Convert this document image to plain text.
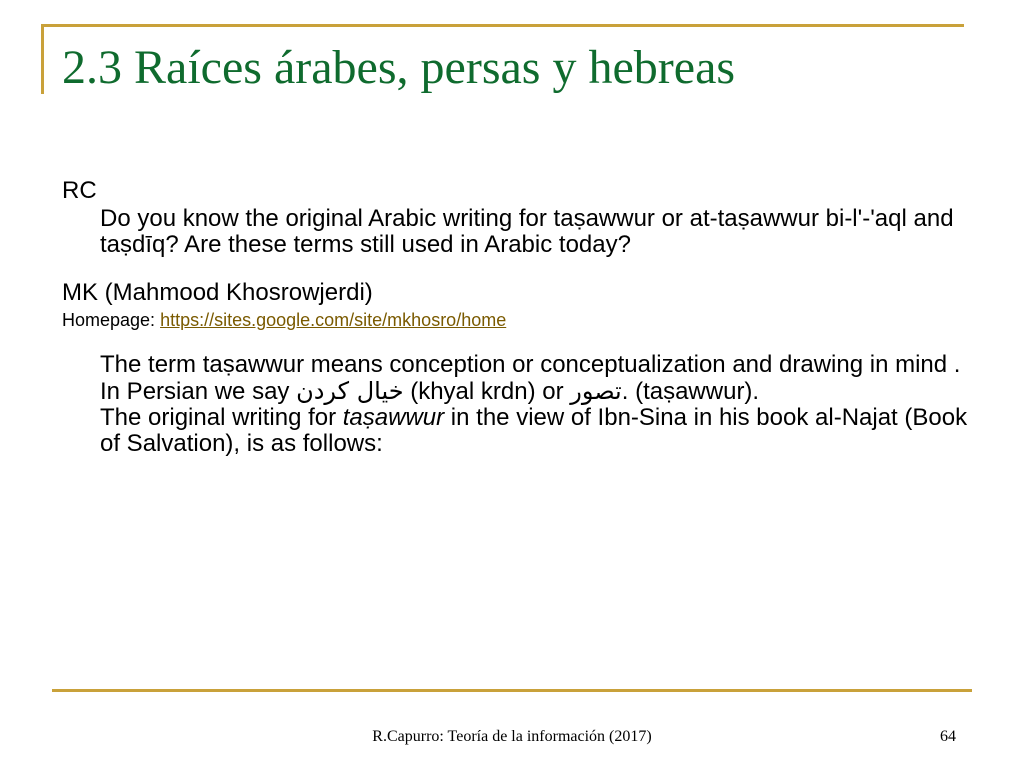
2.3 Raíces árabes, persas y hebreas
RC
Do you know the original Arabic writing for taṣawwur or at-taṣawwur bi-l'-'aql and taṣdīq? Are these terms still used in Arabic today?
MK (Mahmood Khosrowjerdi)
Homepage: https://sites.google.com/site/mkhosro/home
The term taṣawwur means conception or conceptualization and drawing in mind . In Persian we say خیال کردن (khyal krdn) or تصور. (taṣawwur).
The original writing for taṣawwur in the view of Ibn-Sina in his book al-Najat (Book of Salvation), is as follows:
R.Capurro: Teoría de la información (2017)	64
